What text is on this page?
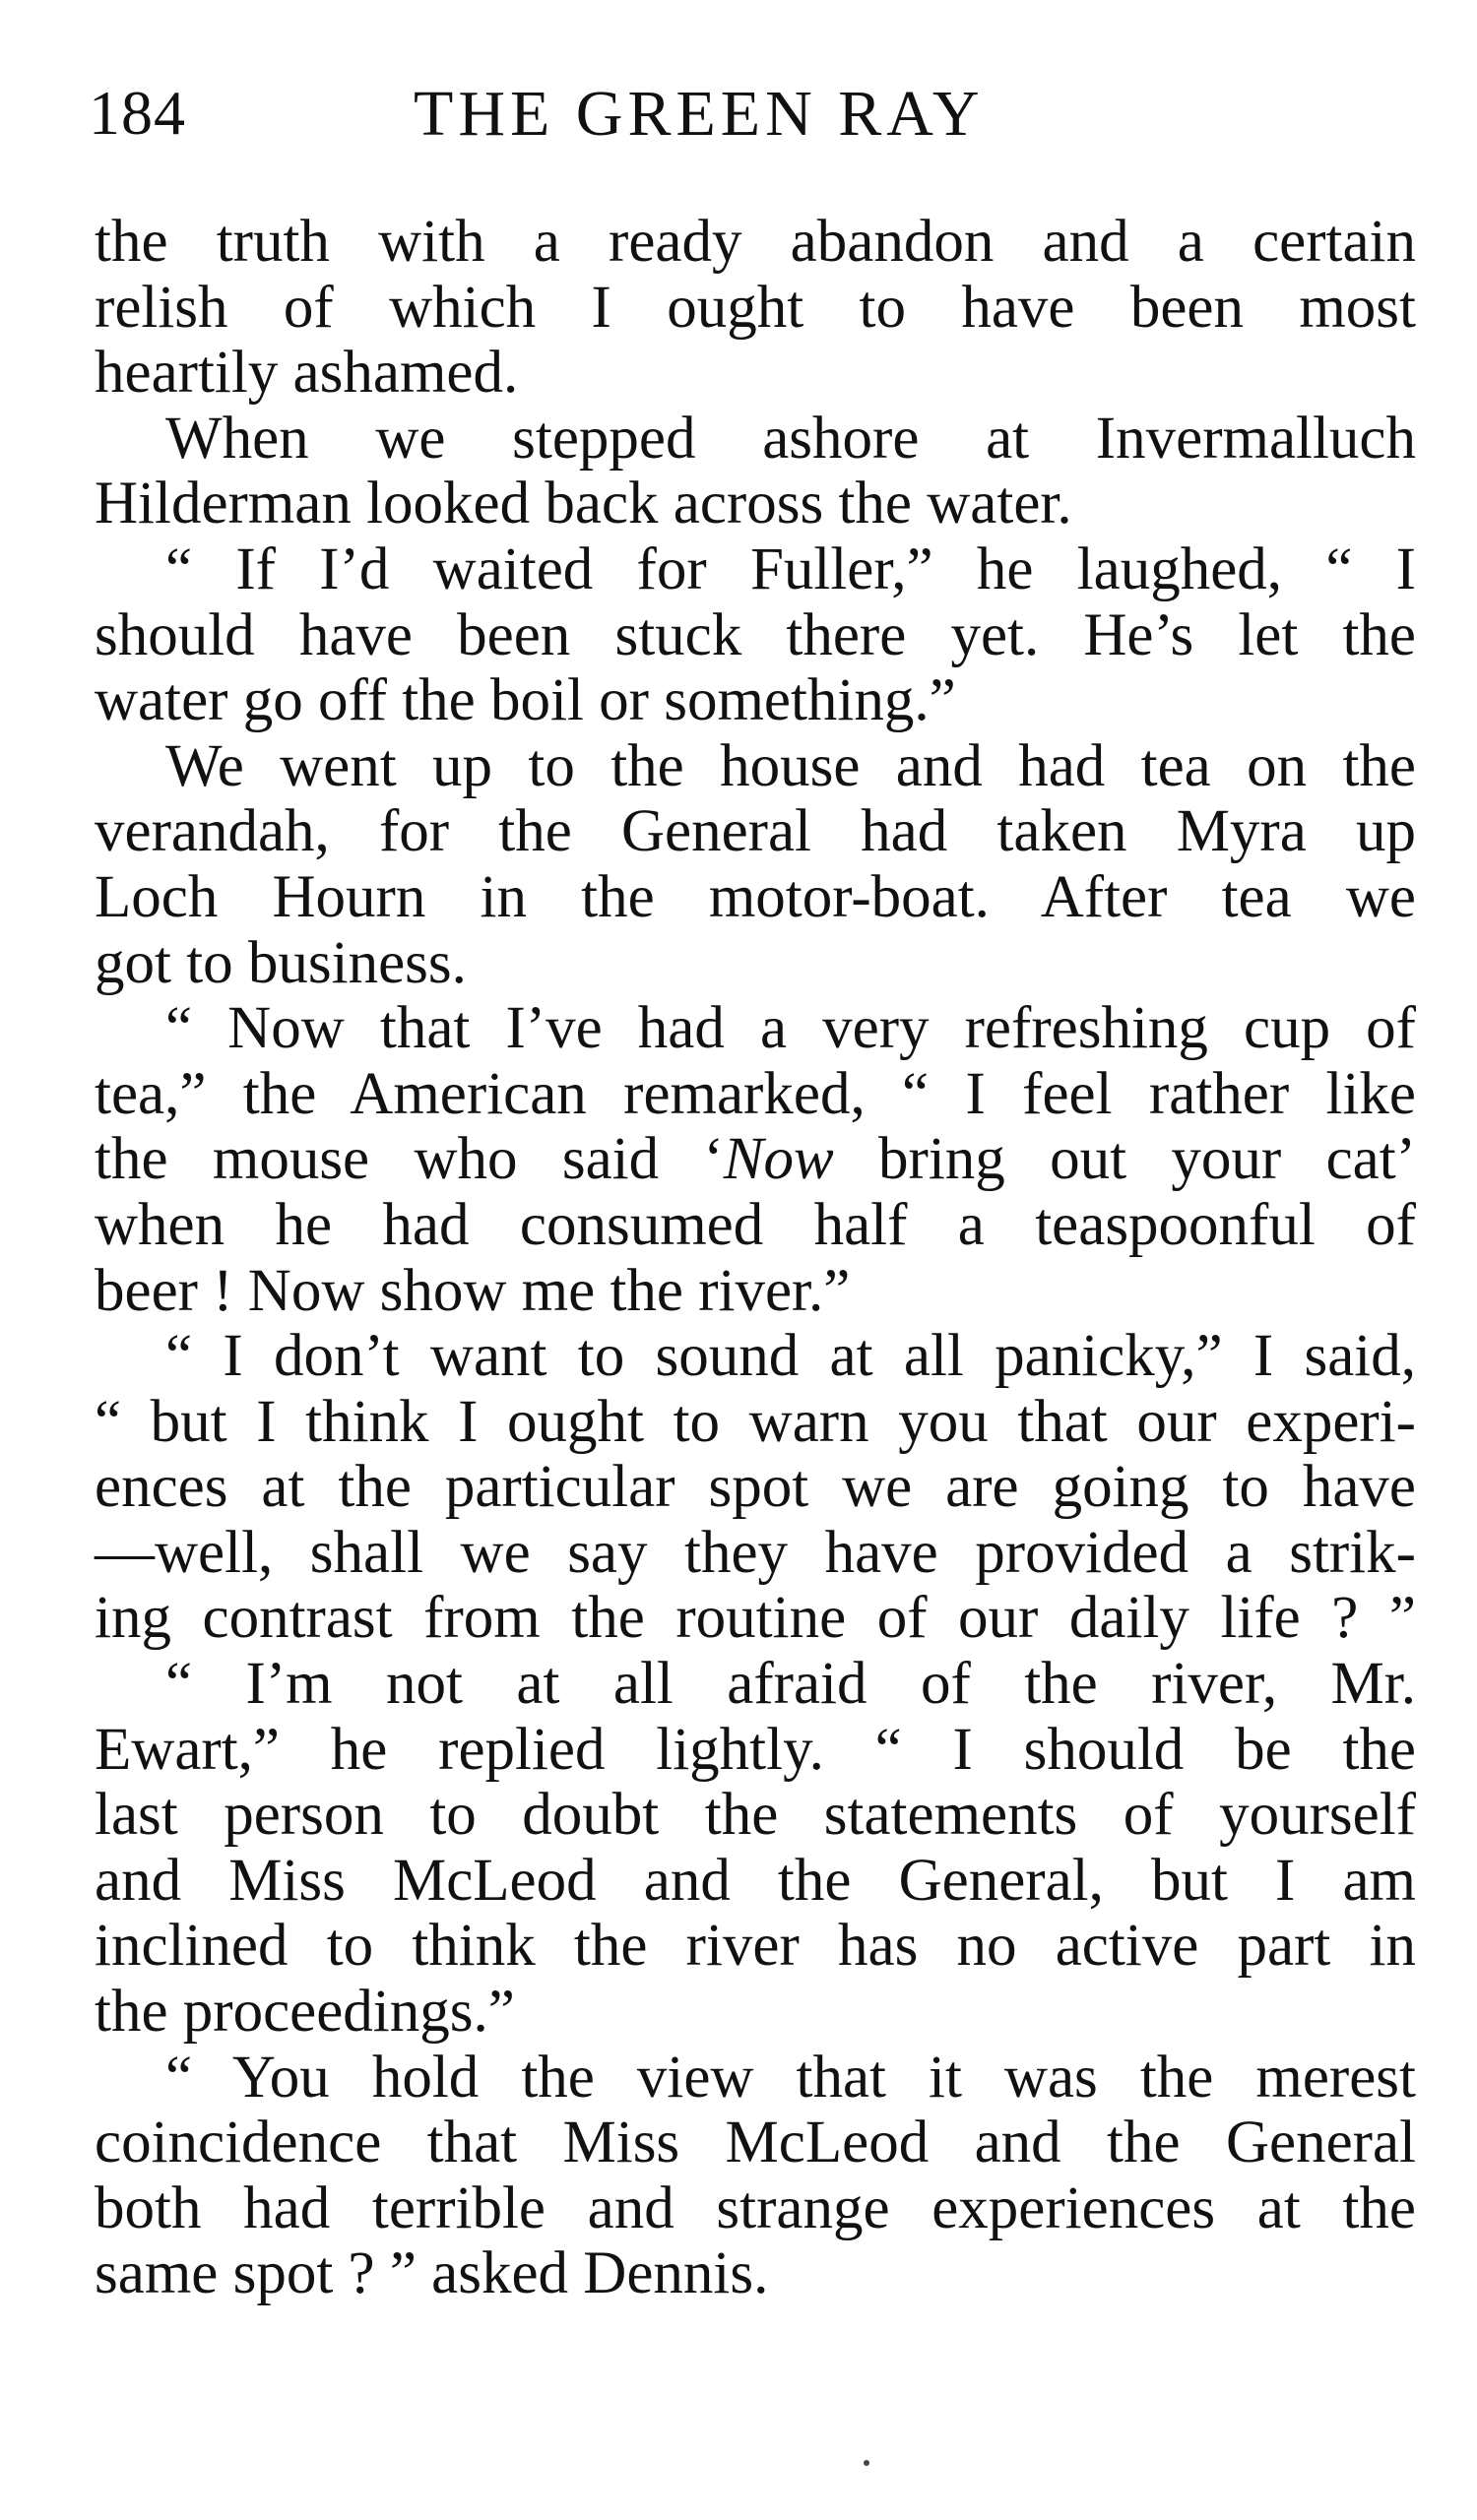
184	THE GREEN RAY
the truth with a ready abandon and a certain
relish of which I ought to have been most
heartily ashamed.
When we stepped ashore at Invermalluch
Hilderman looked back across the water.
“ If I’d waited for Fuller,” he laughed, “ I
should have been stuck there yet. He’s let the
water go off the boil or something.”
We went up to the house and had tea on the
verandah, for the General had taken Myra up
Loch Hourn in the motor-boat. After tea we
got to business.
“ Now that I’ve had a very refreshing cup of
tea,” the American remarked, “ I feel rather like
the mouse who said ‘Now bring out your cat’
when he had consumed half a teaspoonful of
beer ! Now show me the river.”
“ I don’t want to sound at all panicky,” I said,
“ but I think I ought to warn you that our experi-
ences at the particular spot we are going to have
—well, shall we say they have provided a strik-
ing contrast from the routine of our daily life ? ”
“ I’m not at all afraid of the river, Mr.
Ewart,” he replied lightly. “ I should be the
last person to doubt the statements of yourself
and Miss McLeod and the General, but I am
inclined to think the river has no active part in
the proceedings.”
“ You hold the view that it was the merest
coincidence that Miss McLeod and the General
both had terrible and strange experiences at the
same spot ? ” asked Dennis.
